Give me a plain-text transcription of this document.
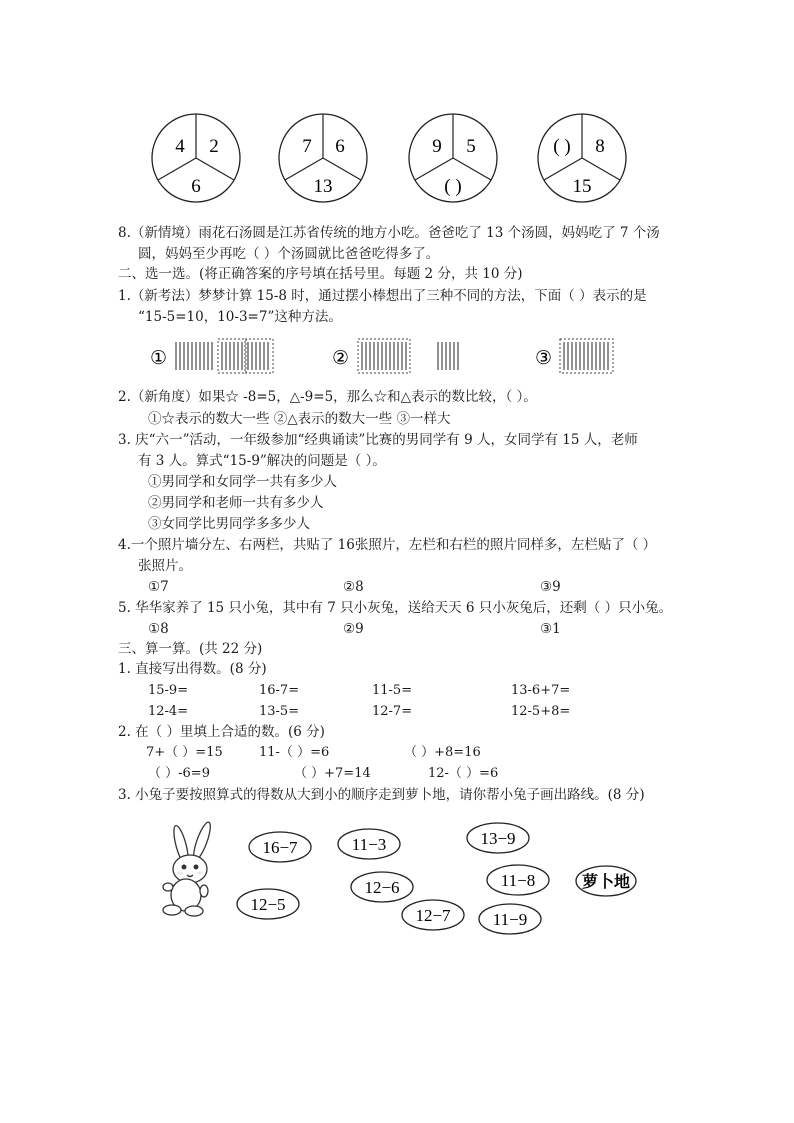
4 2
6
7 6
13
9 5
( )
( ) 8
15
8.（新情境）雨花石汤圆是江苏省传统的地方小吃。爸爸吃了 13 个汤圆，妈妈吃了 7 个汤
圆，妈妈至少再吃（ ）个汤圆就比爸爸吃得多了。
二、选一选。(将正确答案的序号填在括号里。每题 2 分，共 10 分)
1.（新考法）梦梦计算 15-8 时，通过摆小棒想出了三种不同的方法，下面（ ）表示的是
“15-5=10，10-3=7”这种方法。
①	②	③
2.（新角度）如果☆ -8=5，△-9=5，那么☆和△表示的数比较，（ ）。
①☆表示的数大一些 ②△表示的数大一些 ③一样大
3. 庆“六一”活动，一年级参加“经典诵读”比赛的男同学有 9 人，女同学有 15 人，老师
有 3 人。算式“15-9”解决的问题是（ ）。
①男同学和女同学一共有多少人
②男同学和老师一共有多少人
③女同学比男同学多多少人
4.一个照片墙分左、右两栏，共贴了 16张照片，左栏和右栏的照片同样多，左栏贴了（ ）
张照片。
①7	②8	③9
5. 华华家养了 15 只小兔，其中有 7 只小灰兔，送给天天 6 只小灰兔后，还剩（ ）只小兔。
①8	②9	③1
三、算一算。(共 22 分)
1. 直接写出得数。(8 分)
15-9=	16-7=	11-5=	13-6+7=
12-4=	13-5=	12-7=	12-5+8=
2. 在（ ）里填上合适的数。(6 分)
7+（ ）=15	11-（ ）=6	（ ）+8=16
（ ）-6=9	（ ）+7=14	12-（ ）=6
3. 小兔子要按照算式的得数从大到小的顺序走到萝卜地，请你帮小兔子画出路线。(8 分)
16−7	11−3	13−9
12−6	11−8
12−5
12−7 11−9
萝卜地
